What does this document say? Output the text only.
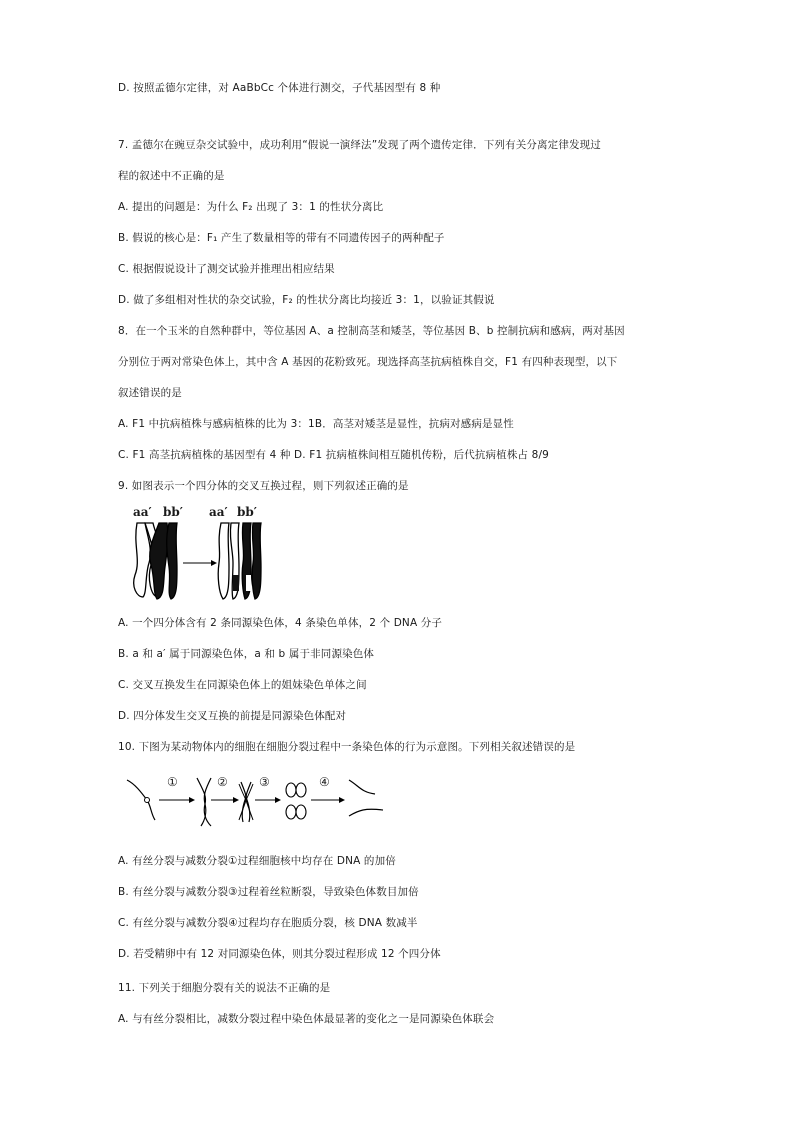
D. 按照孟德尔定律，对 AaBbCc 个体进行测交，子代基因型有 8 种
7. 孟德尔在豌豆杂交试验中，成功利用“假说一演绎法”发现了两个遗传定律．下列有关分离定律发现过
程的叙述中不正确的是
A. 提出的问题是：为什么 F₂ 出现了 3：1 的性状分离比
B. 假说的核心是：F₁ 产生了数量相等的带有不同遗传因子的两种配子
C. 根据假说设计了测交试验并推理出相应结果
D. 做了多组相对性状的杂交试验，F₂ 的性状分离比均接近 3：1，以验证其假说
8．在一个玉米的自然种群中，等位基因 A、a 控制高茎和矮茎，等位基因 B、b 控制抗病和感病，两对基因
分别位于两对常染色体上，其中含 A 基因的花粉致死。现选择高茎抗病植株自交，F1 有四种表现型，以下
叙述错误的是
A. F1 中抗病植株与感病植株的比为 3：1B．高茎对矮茎是显性，抗病对感病是显性
C. F1 高茎抗病植株的基因型有 4 种 D. F1 抗病植株间相互随机传粉，后代抗病植株占 8/9
9. 如图表示一个四分体的交叉互换过程，则下列叙述正确的是
aa′ bb′ aa′ bb′
A. 一个四分体含有 2 条同源染色体，4 条染色单体，2 个 DNA 分子
B. a 和 a′ 属于同源染色体，a 和 b 属于非同源染色体
C. 交叉互换发生在同源染色体上的姐妹染色单体之间
D. 四分体发生交叉互换的前提是同源染色体配对
10. 下图为某动物体内的细胞在细胞分裂过程中一条染色体的行为示意图。下列相关叙述错误的是
①	②	③	④
A. 有丝分裂与减数分裂①过程细胞核中均存在 DNA 的加倍
B. 有丝分裂与减数分裂③过程着丝粒断裂，导致染色体数目加倍
C. 有丝分裂与减数分裂④过程均存在胞质分裂，核 DNA 数减半
D. 若受精卵中有 12 对同源染色体，则其分裂过程形成 12 个四分体
11. 下列关于细胞分裂有关的说法不正确的是
A. 与有丝分裂相比，减数分裂过程中染色体最显著的变化之一是同源染色体联会
